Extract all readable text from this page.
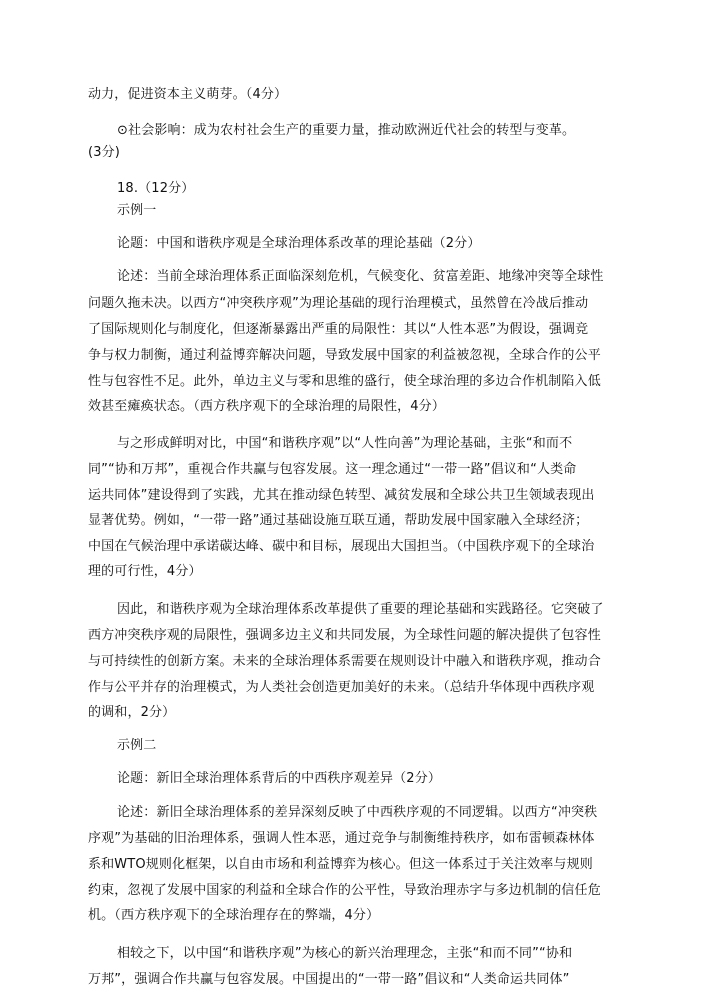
动力，促进资本主义萌芽。（4分）
⊙社会影响：成为农村社会生产的重要力量，推动欧洲近代社会的转型与变革。
(3分)
18.（12分）
示例一
论题：中国和谐秩序观是全球治理体系改革的理论基础（2分）
论述：当前全球治理体系正面临深刻危机，气候变化、贫富差距、地缘冲突等全球性
问题久拖未决。以西方“冲突秩序观”为理论基础的现行治理模式，虽然曾在冷战后推动
了国际规则化与制度化，但逐渐暴露出严重的局限性：其以“人性本恶”为假设，强调竞
争与权力制衡，通过利益博弈解决问题，导致发展中国家的利益被忽视，全球合作的公平
性与包容性不足。此外，单边主义与零和思维的盛行，使全球治理的多边合作机制陷入低
效甚至瘫痪状态。（西方秩序观下的全球治理的局限性，4分）
与之形成鲜明对比，中国“和谐秩序观”以“人性向善”为理论基础，主张“和而不
同”“协和万邦”，重视合作共赢与包容发展。这一理念通过“一带一路”倡议和“人类命
运共同体”建设得到了实践，尤其在推动绿色转型、减贫发展和全球公共卫生领域表现出
显著优势。例如，“一带一路”通过基础设施互联互通，帮助发展中国家融入全球经济；
中国在气候治理中承诺碳达峰、碳中和目标，展现出大国担当。（中国秩序观下的全球治
理的可行性，4分）
因此，和谐秩序观为全球治理体系改革提供了重要的理论基础和实践路径。它突破了
西方冲突秩序观的局限性，强调多边主义和共同发展，为全球性问题的解决提供了包容性
与可持续性的创新方案。未来的全球治理体系需要在规则设计中融入和谐秩序观，推动合
作与公平并存的治理模式，为人类社会创造更加美好的未来。（总结升华体现中西秩序观
的调和，2分）
示例二
论题：新旧全球治理体系背后的中西秩序观差异（2分）
论述：新旧全球治理体系的差异深刻反映了中西秩序观的不同逻辑。以西方“冲突秩
序观”为基础的旧治理体系，强调人性本恶，通过竞争与制衡维持秩序，如布雷顿森林体
系和WTO规则化框架，以自由市场和利益博弈为核心。但这一体系过于关注效率与规则
约束，忽视了发展中国家的利益和全球合作的公平性，导致治理赤字与多边机制的信任危
机。（西方秩序观下的全球治理存在的弊端，4分）
相较之下，以中国“和谐秩序观”为核心的新兴治理理念，主张“和而不同”“协和
万邦”，强调合作共赢与包容发展。中国提出的“一带一路”倡议和“人类命运共同体”
